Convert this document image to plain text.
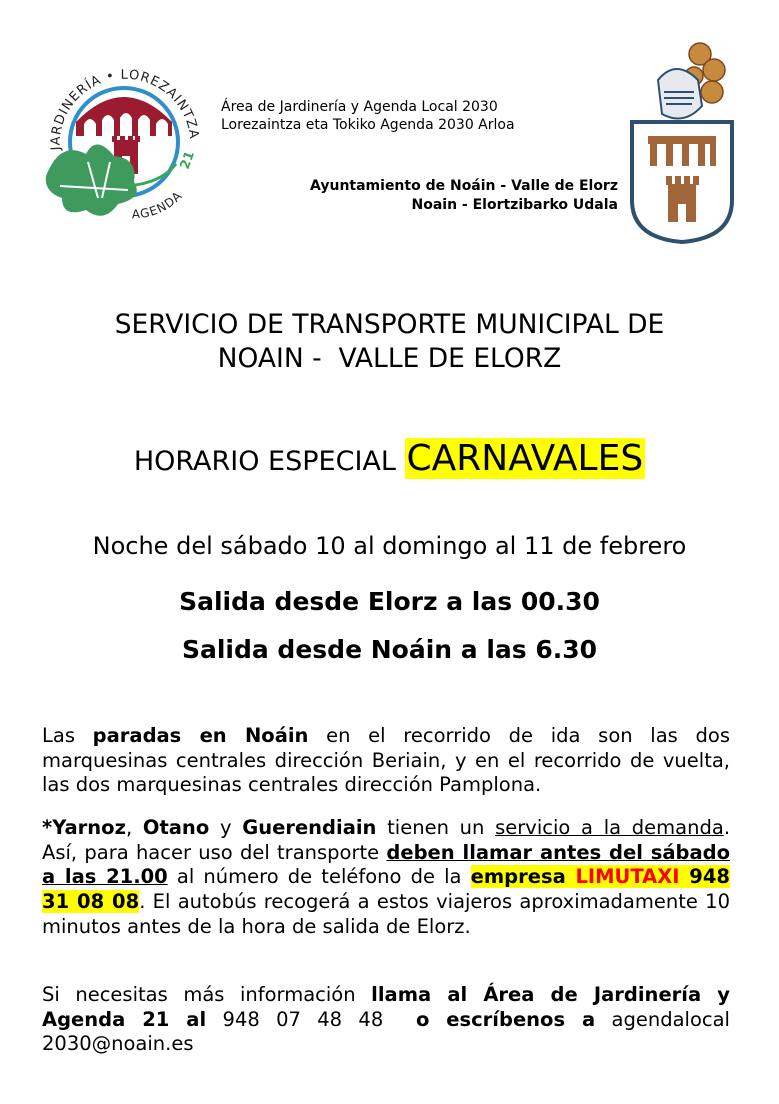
JARDINERÍA • LOREZAINTZA
AGENDA
21
Área de Jardinería y Agenda Local 2030
Lorezaintza eta Tokiko Agenda 2030 Arloa
Ayuntamiento de Noáin - Valle de Elorz
Noain - Elortzibarko Udala
SERVICIO DE TRANSPORTE MUNICIPAL DE
NOAIN -  VALLE DE ELORZ
HORARIO ESPECIAL CARNAVALES
Noche del sábado 10 al domingo al 11 de febrero
Salida desde Elorz a las 00.30
Salida desde Noáin a las 6.30
Las paradas en Noáin en el recorrido de ida son las dos marquesinas centrales dirección Beriain, y en el recorrido de vuelta, las dos marquesinas centrales dirección Pamplona.
*Yarnoz, Otano y Guerendiain tienen un servicio a la demanda. Así, para hacer uso del transporte deben llamar antes del sábado a las 21.00 al número de teléfono de la empresa LIMUTAXI 948 31 08 08. El autobús recogerá a estos viajeros aproximadamente 10 minutos antes de la hora de salida de Elorz.
Si necesitas más información llama al Área de Jardinería y Agenda 21 al 948 07 48 48  o escríbenos a agendalocal 2030@noain.es
